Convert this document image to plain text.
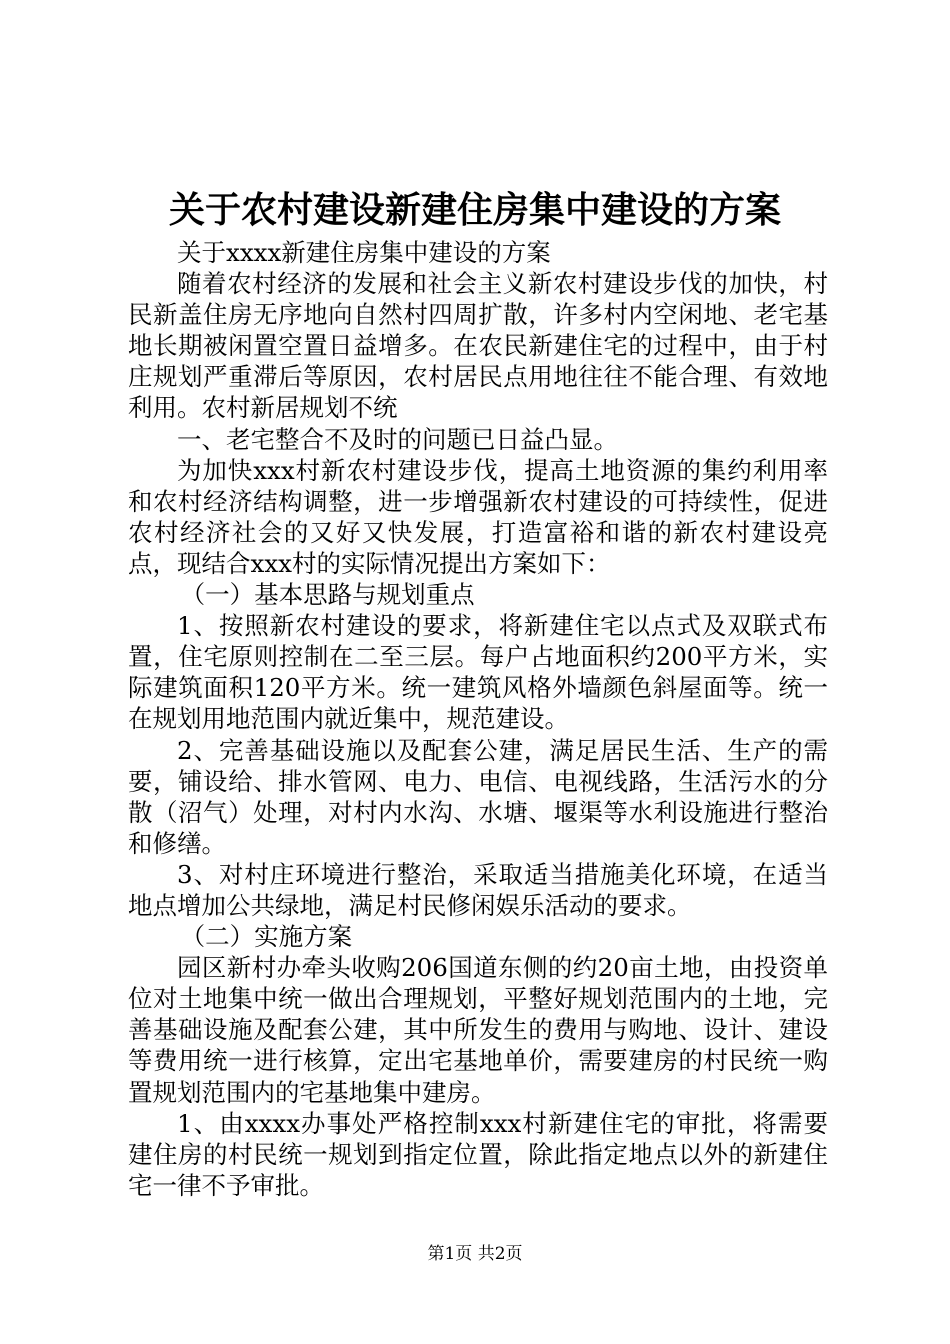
关于农村建设新建住房集中建设的方案

关于xxxx新建住房集中建设的方案

随着农村经济的发展和社会主义新农村建设步伐的加快，村民新盖住房无序地向自然村四周扩散，许多村内空闲地、老宅基地长期被闲置空置日益增多。在农民新建住宅的过程中，由于村庄规划严重滞后等原因，农村居民点用地往往不能合理、有效地利用。农村新居规划不统

一、老宅整合不及时的问题已日益凸显。

为加快xxx村新农村建设步伐，提高土地资源的集约利用率和农村经济结构调整，进一步增强新农村建设的可持续性，促进农村经济社会的又好又快发展，打造富裕和谐的新农村建设亮点，现结合xxx村的实际情况提出方案如下：

（一）基本思路与规划重点

1、按照新农村建设的要求，将新建住宅以点式及双联式布置，住宅原则控制在二至三层。每户占地面积约200平方米，实际建筑面积120平方米。统一建筑风格外墙颜色斜屋面等。统一在规划用地范围内就近集中，规范建设。

2、完善基础设施以及配套公建，满足居民生活、生产的需要，铺设给、排水管网、电力、电信、电视线路，生活污水的分散（沼气）处理，对村内水沟、水塘、堰渠等水利设施进行整治和修缮。

3、对村庄环境进行整治，采取适当措施美化环境，在适当地点增加公共绿地，满足村民修闲娱乐活动的要求。

（二）实施方案

园区新村办牵头收购206国道东侧的约20亩土地，由投资单位对土地集中统一做出合理规划，平整好规划范围内的土地，完善基础设施及配套公建，其中所发生的费用与购地、设计、建设等费用统一进行核算，定出宅基地单价，需要建房的村民统一购置规划范围内的宅基地集中建房。

1、由xxxx办事处严格控制xxx村新建住宅的审批，将需要建住房的村民统一规划到指定位置，除此指定地点以外的新建住宅一律不予审批。

第1页 共2页
